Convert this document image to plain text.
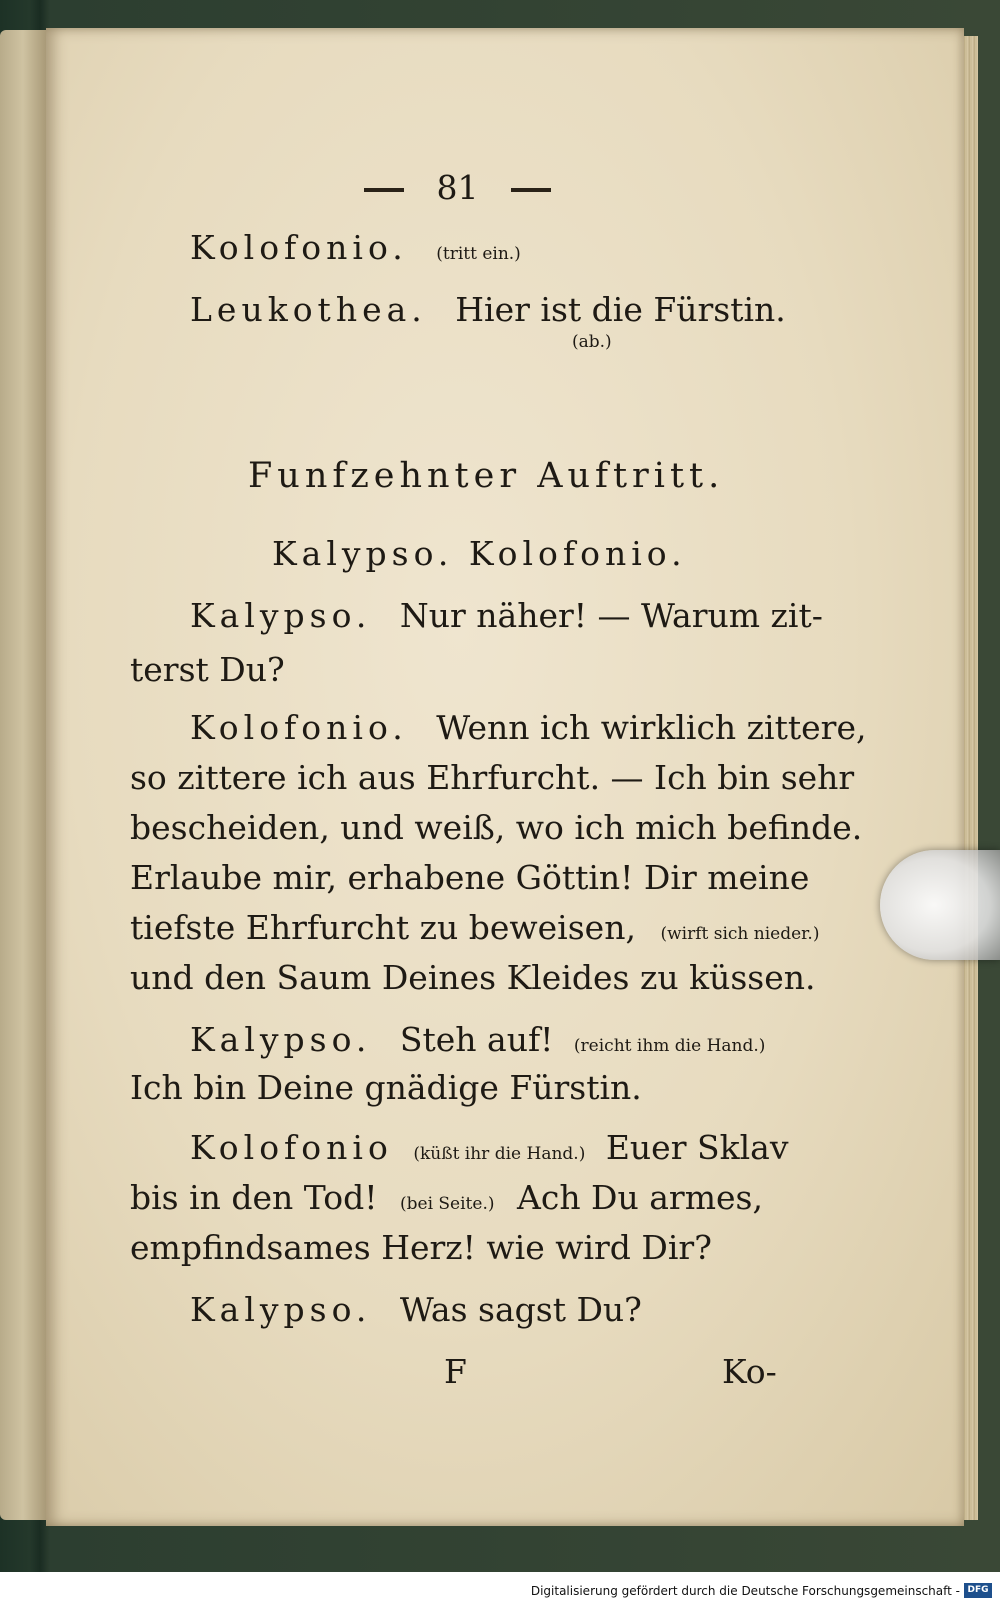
81
Kolofonio. (tritt ein.)
Leukothea. Hier ist die Fürstin.
(ab.)
Funfzehnter Auftritt.
Kalypso. Kolofonio.
Kalypso. Nur näher! — Warum zit-
terst Du?
Kolofonio. Wenn ich wirklich zittere,
so zittere ich aus Ehrfurcht. — Ich bin sehr
bescheiden, und weiß, wo ich mich befinde.
Erlaube mir, erhabene Göttin! Dir meine
tiefste Ehrfurcht zu beweisen, (wirft sich nieder.)
und den Saum Deines Kleides zu küssen.
Kalypso. Steh auf! (reicht ihm die Hand.)
Ich bin Deine gnädige Fürstin.
Kolofonio (küßt ihr die Hand.) Euer Sklav
bis in den Tod! (bei Seite.) Ach Du armes,
empfindsames Herz! wie wird Dir?
Kalypso. Was sagst Du?
F	Ko-
Digitalisierung gefördert durch die Deutsche Forschungsgemeinschaft - DFG
